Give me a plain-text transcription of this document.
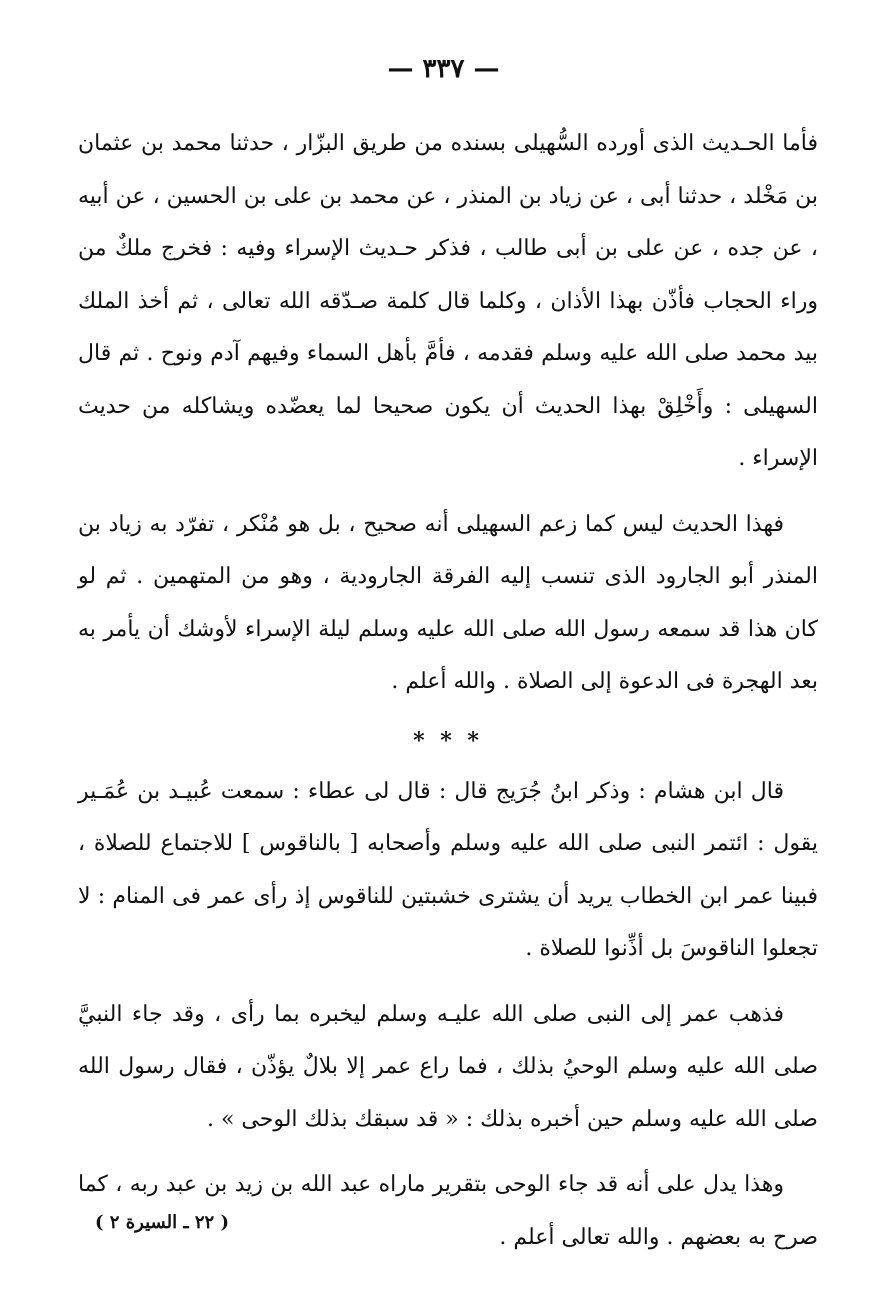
— ٣٣٧ —

فأما الحـديث الذى أورده السُّهيلى بسنده من طريق البزّار ، حدثنا محمد بن عثمان بن مَخْلد ، حدثنا أبى ، عن زياد بن المنذر ، عن محمد بن على بن الحسين ، عن أبيه ، عن جده ، عن على بن أبى طالب ، فذكر حـديث الإسراء وفيه : فخرج ملكٌ من وراء الحجاب فأذّن بهذا الأذان ، وكلما قال كلمة صـدّقه الله تعالى ، ثم أخذ الملك بيد محمد صلى الله عليه وسلم فقدمه ، فأمَّ بأهل السماء وفيهم آدم ونوح . ثم قال السهيلى : وأَخْلِقْ بهذا الحديث أن يكون صحيحا لما يعضّده ويشاكله من حديث الإسراء .

فهذا الحديث ليس كما زعم السهيلى أنه صحيح ، بل هو مُنْكر ، تفرّد به زياد بن المنذر أبو الجارود الذى تنسب إليه الفرقة الجارودية ، وهو من المتهمين . ثم لو كان هذا قد سمعه رسول الله صلى الله عليه وسلم ليلة الإسراء لأوشك أن يأمر به بعد الهجرة فى الدعوة إلى الصلاة . والله أعلم .

* * *

قال ابن هشام : وذكر ابنُ جُرَيج قال : قال لى عطاء : سمعت عُبيـد بن عُمَـير يقول : ائتمر النبى صلى الله عليه وسلم وأصحابه [ بالناقوس ] للاجتماع للصلاة ، فبينا عمر ابن الخطاب يريد أن يشترى خشبتين للناقوس إذ رأى عمر فى المنام : لا تجعلوا الناقوسَ بل أذِّنوا للصلاة .

فذهب عمر إلى النبى صلى الله عليـه وسلم ليخبره بما رأى ، وقد جاء النبيَّ صلى الله عليه وسلم الوحيُ بذلك ، فما راع عمر إلا بلالٌ يؤذّن ، فقال رسول الله صلى الله عليه وسلم حين أخبره بذلك : « قد سبقك بذلك الوحى » .

وهذا يدل على أنه قد جاء الوحى بتقرير ماراه عبد الله بن زيد بن عبد ربه ، كما صرح به بعضهم . والله تعالى أعلم .

( ٢٢ ـ السيرة ٢ )
